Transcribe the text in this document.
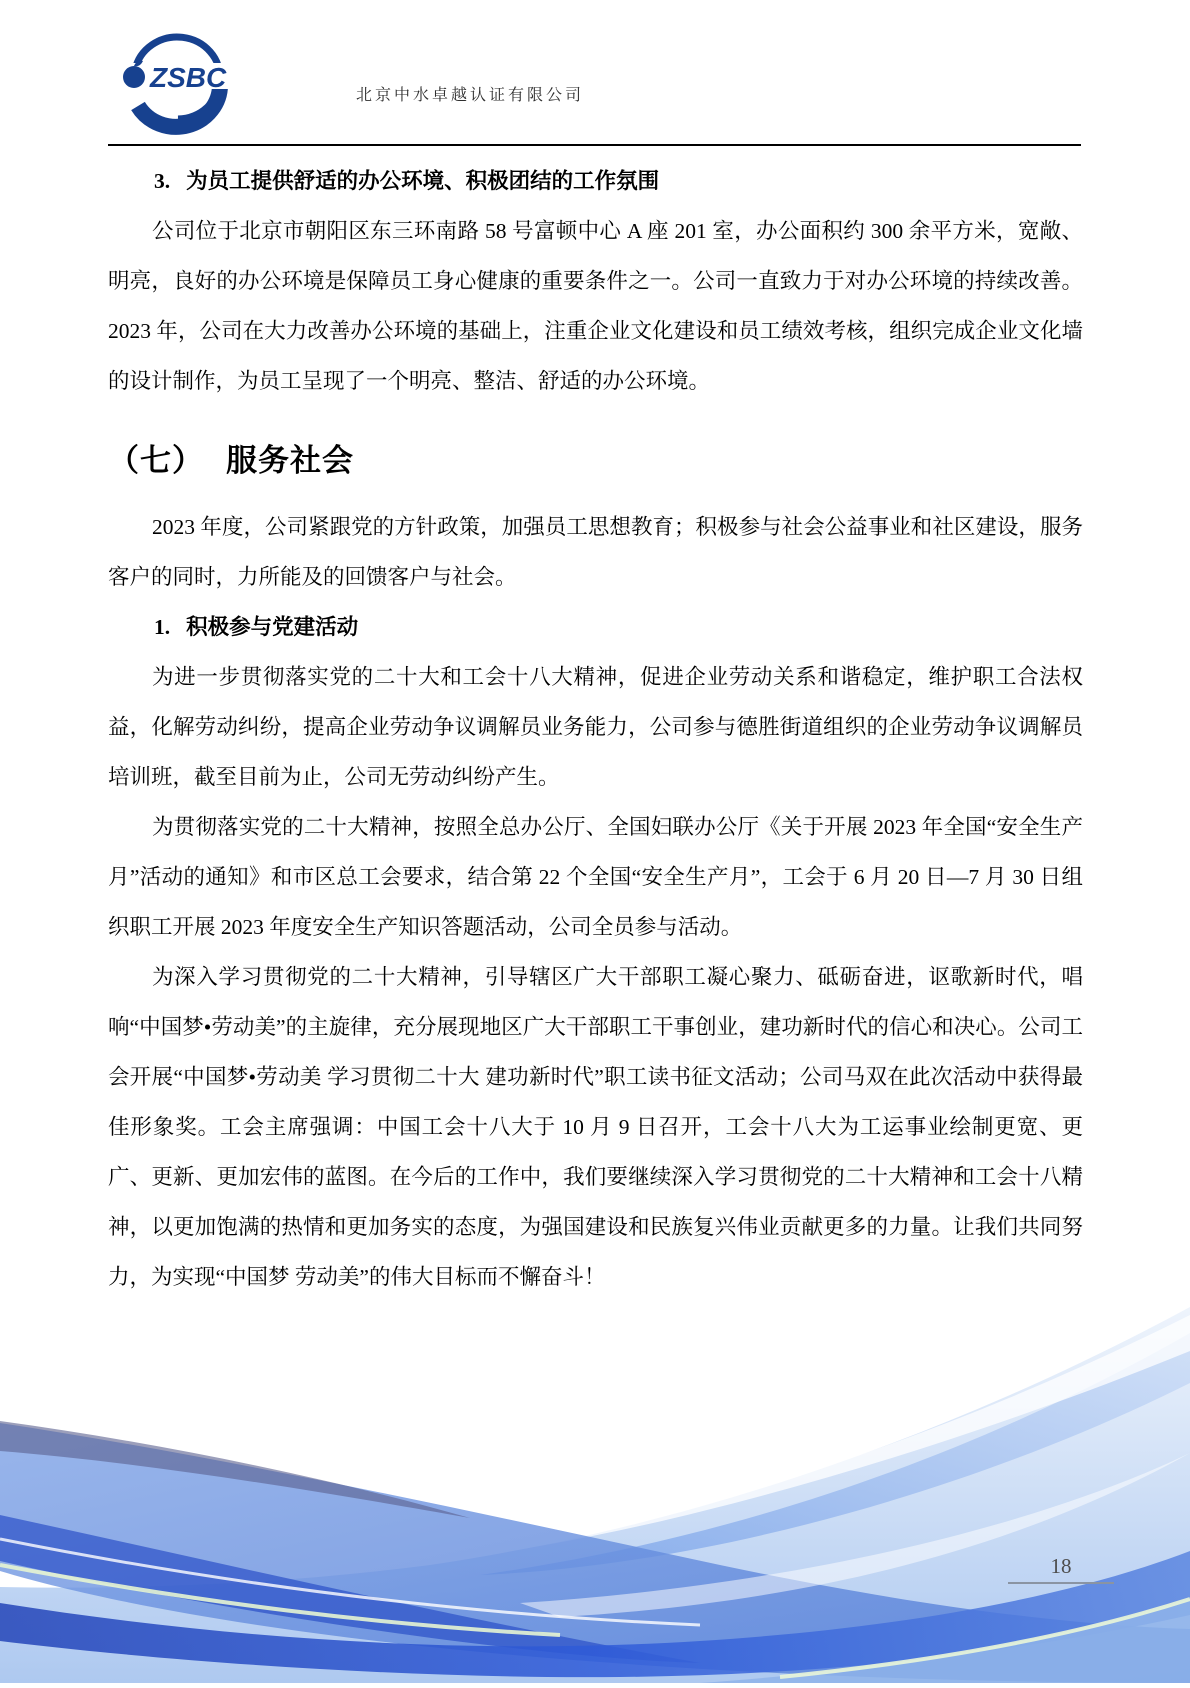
ZSBC
北京中水卓越认证有限公司
3. 为员工提供舒适的办公环境、积极团结的工作氛围

公司位于北京市朝阳区东三环南路 58 号富顿中心 A 座 201 室，办公面积约 300 余平方米，宽敞、明亮，良好的办公环境是保障员工身心健康的重要条件之一。公司一直致力于对办公环境的持续改善。2023 年，公司在大力改善办公环境的基础上，注重企业文化建设和员工绩效考核，组织完成企业文化墙的设计制作，为员工呈现了一个明亮、整洁、舒适的办公环境。

（七） 服务社会

2023 年度，公司紧跟党的方针政策，加强员工思想教育；积极参与社会公益事业和社区建设，服务客户的同时，力所能及的回馈客户与社会。

1. 积极参与党建活动

为进一步贯彻落实党的二十大和工会十八大精神，促进企业劳动关系和谐稳定，维护职工合法权益，化解劳动纠纷，提高企业劳动争议调解员业务能力，公司参与德胜街道组织的企业劳动争议调解员培训班，截至目前为止，公司无劳动纠纷产生。

为贯彻落实党的二十大精神，按照全总办公厅、全国妇联办公厅《关于开展 2023 年全国“安全生产月”活动的通知》和市区总工会要求，结合第 22 个全国“安全生产月”，工会于 6 月 20 日—7 月 30 日组织职工开展 2023 年度安全生产知识答题活动，公司全员参与活动。

为深入学习贯彻党的二十大精神，引导辖区广大干部职工凝心聚力、砥砺奋进，讴歌新时代，唱响“中国梦•劳动美”的主旋律，充分展现地区广大干部职工干事创业，建功新时代的信心和决心。公司工会开展“中国梦•劳动美 学习贯彻二十大 建功新时代”职工读书征文活动；公司马双在此次活动中获得最佳形象奖。工会主席强调：中国工会十八大于 10 月 9 日召开，工会十八大为工运事业绘制更宽、更广、更新、更加宏伟的蓝图。在今后的工作中，我们要继续深入学习贯彻党的二十大精神和工会十八精神，以更加饱满的热情和更加务实的态度，为强国建设和民族复兴伟业贡献更多的力量。让我们共同努力，为实现“中国梦 劳动美”的伟大目标而不懈奋斗！

18
